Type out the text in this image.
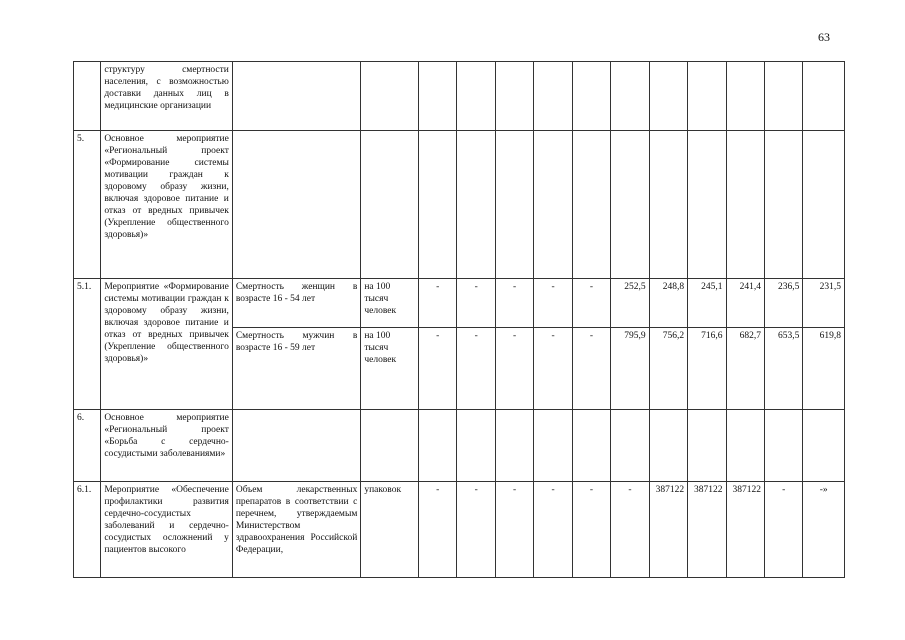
63
	структуру смертности населения, с возможностью доставки данных лиц в медицинские организации													
5.	Основное мероприятие «Региональный проект «Формирование системы мотивации граждан к здоровому образу жизни, включая здоровое питание и отказ от вредных привычек (Укрепление общественного здоровья)»													
5.1.	Мероприятие «Формирование системы мотивации граждан к здоровому образу жизни, включая здоровое питание и отказ от вредных привычек (Укрепление общественного здоровья)»	Смертность женщин в возрасте 16 - 54 лет	на 100 тысяч человек	-	-	-	-	-	252,5	248,8	245,1	241,4	236,5	231,5
		Смертность мужчин в возрасте 16 - 59 лет	на 100 тысяч человек	-	-	-	-	-	795,9	756,2	716,6	682,7	653,5	619,8
6.	Основное мероприятие «Региональный проект «Борьба с сердечно-сосудистыми заболеваниями»													
6.1.	Мероприятие «Обеспечение профилактики развития сердечно-сосудистых заболеваний и сердечно-сосудистых осложнений у пациентов высокого	Объем лекарственных препаратов в соответствии с перечнем, утверждаемым Министерством здравоохранения Российской Федерации,	упаковок	-	-	-	-	-	-	387122	387122	387122	-	-»
